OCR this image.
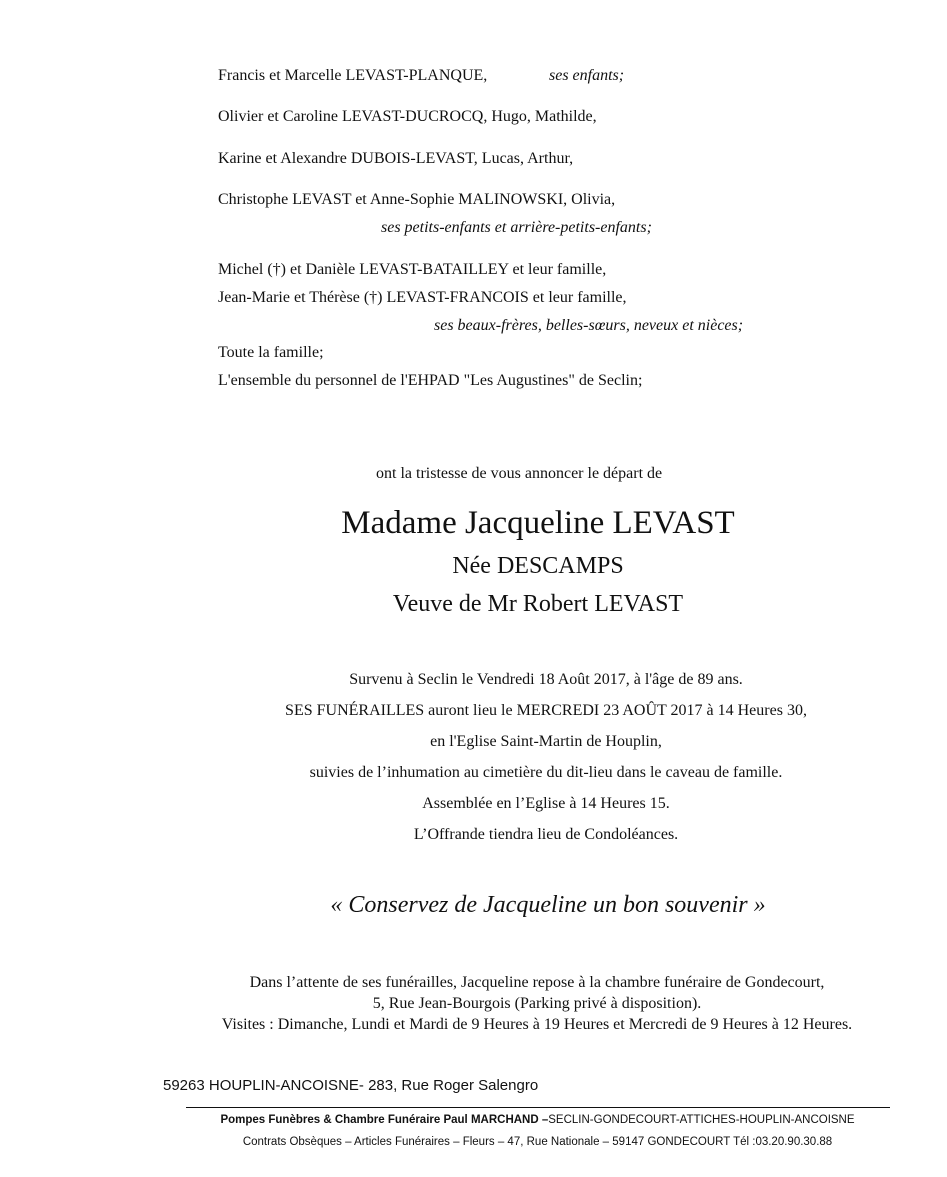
Francis et Marcelle LEVAST-PLANQUE,	ses enfants;
Olivier et Caroline LEVAST-DUCROCQ, Hugo, Mathilde,
Karine et Alexandre DUBOIS-LEVAST, Lucas, Arthur,
Christophe LEVAST et Anne-Sophie MALINOWSKI, Olivia,
ses petits-enfants et arrière-petits-enfants;
Michel (†) et Danièle LEVAST-BATAILLEY et leur famille,
Jean-Marie et Thérèse (†) LEVAST-FRANCOIS et leur famille,
ses beaux-frères, belles-sœurs, neveux et nièces;
Toute la famille;
L'ensemble du personnel de l'EHPAD "Les Augustines" de Seclin;
ont la tristesse de vous annoncer le départ de
Madame Jacqueline LEVAST
Née DESCAMPS
Veuve de Mr Robert LEVAST
Survenu à Seclin le Vendredi 18 Août 2017, à l'âge de 89 ans.
SES FUNÉRAILLES auront lieu le MERCREDI 23 AOÛT 2017 à 14 Heures 30,
en l'Eglise Saint-Martin de Houplin,
suivies de l’inhumation au cimetière du dit-lieu dans le caveau de famille.
Assemblée en l’Eglise à 14 Heures 15.
L’Offrande tiendra lieu de Condoléances.
« Conservez de Jacqueline un bon souvenir »
Dans l’attente de ses funérailles, Jacqueline repose à la chambre funéraire de Gondecourt,
5, Rue Jean-Bourgois (Parking privé à disposition).
Visites : Dimanche, Lundi et Mardi de 9 Heures à 19 Heures et Mercredi de 9 Heures à 12 Heures.
59263 HOUPLIN-ANCOISNE- 283, Rue Roger Salengro
Pompes Funèbres & Chambre Funéraire Paul MARCHAND –SECLIN-GONDECOURT-ATTICHES-HOUPLIN-ANCOISNE
Contrats Obsèques – Articles Funéraires – Fleurs – 47, Rue Nationale – 59147 GONDECOURT Tél :03.20.90.30.88
